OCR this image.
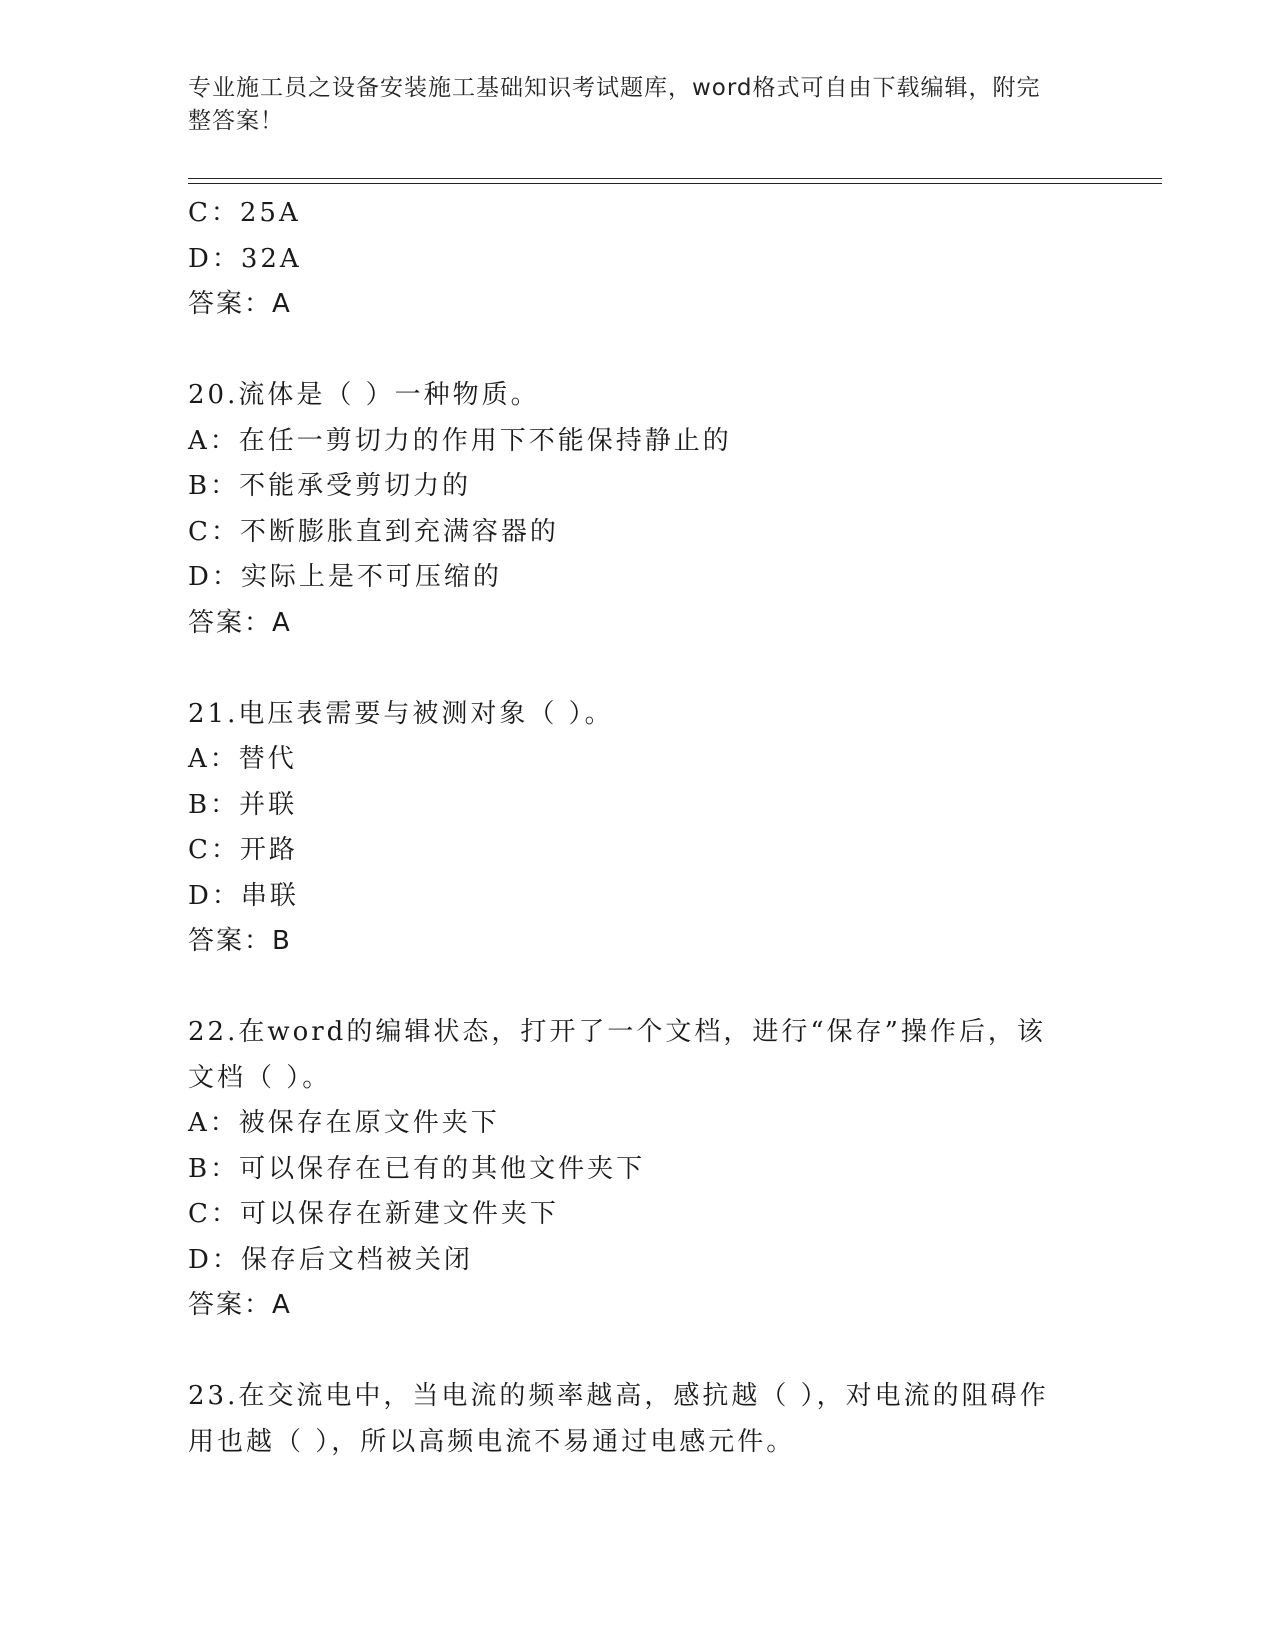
专业施工员之设备安装施工基础知识考试题库，word格式可自由下载编辑，附完
整答案！
C：25A
D：32A
答案：A
20.流体是（ ）一种物质。
A：在任一剪切力的作用下不能保持静止的
B：不能承受剪切力的
C：不断膨胀直到充满容器的
D：实际上是不可压缩的
答案：A
21.电压表需要与被测对象（ ）。
A：替代
B：并联
C：开路
D：串联
答案：B
22.在word的编辑状态，打开了一个文档，进行“保存”操作后，该
文档（ ）。
A：被保存在原文件夹下
B：可以保存在已有的其他文件夹下
C：可以保存在新建文件夹下
D：保存后文档被关闭
答案：A
23.在交流电中，当电流的频率越高，感抗越（ ），对电流的阻碍作
用也越（ ），所以高频电流不易通过电感元件。
